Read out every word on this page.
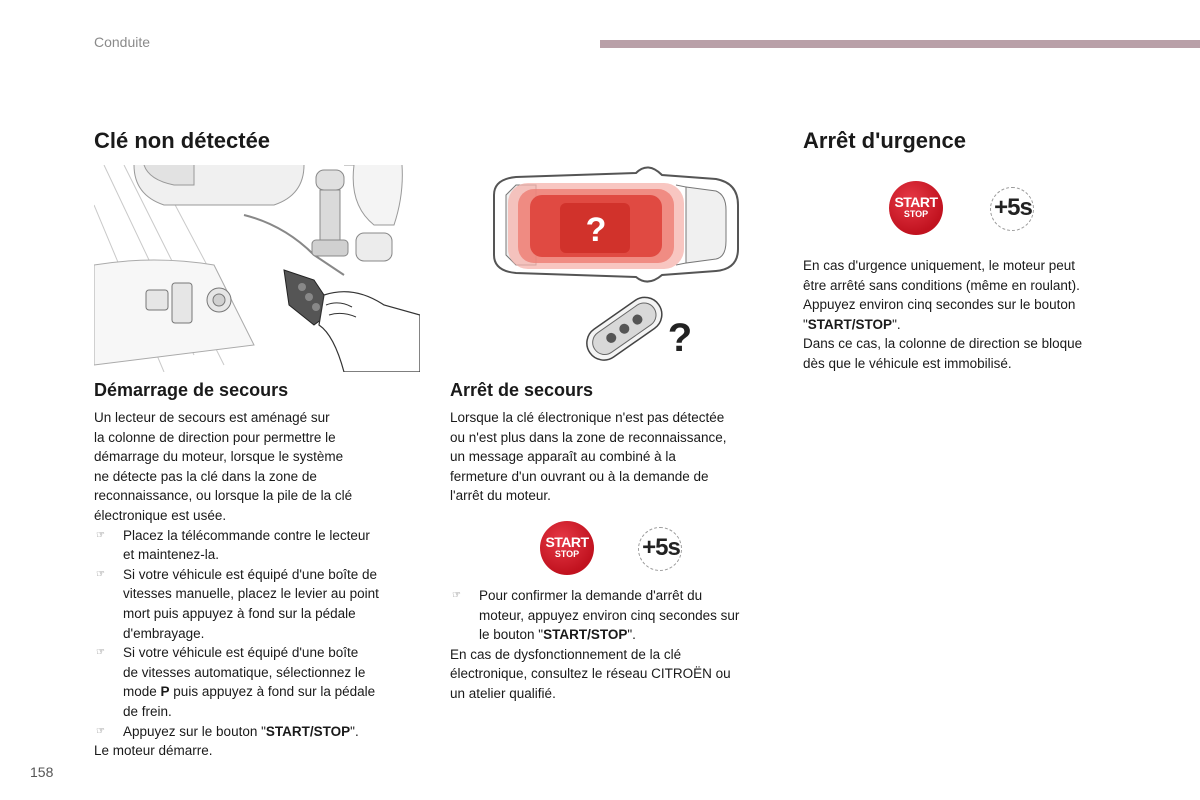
Conduite
Clé non détectée
Démarrage de secours

Un lecteur de secours est aménagé sur

la colonne de direction pour permettre le

démarrage du moteur, lorsque le système

ne détecte pas la clé dans la zone de

reconnaissance, ou lorsque la pile de la clé

électronique est usée.

☞ Placez la télécommande contre le lecteur

et maintenez-la.

☞ Si votre véhicule est équipé d'une boîte de

vitesses manuelle, placez le levier au point

mort puis appuyez à fond sur la pédale

d'embrayage.

☞ Si votre véhicule est équipé d'une boîte

de vitesses automatique, sélectionnez le

mode P puis appuyez à fond sur la pédale

de frein.

☞ Appuyez sur le bouton "START/STOP".

Le moteur démarre.

?
?
Arrêt de secours

Lorsque la clé électronique n'est pas détectée

ou n'est plus dans la zone de reconnaissance,

un message apparaît au combiné à la

fermeture d'un ouvrant ou à la demande de

l'arrêt du moteur.

START
STOP	+5s
☞ Pour confirmer la demande d'arrêt du

moteur, appuyez environ cinq secondes sur

le bouton "START/STOP".

En cas de dysfonctionnement de la clé

électronique, consultez le réseau CITROËN ou

un atelier qualifié.

Arrêt d'urgence
START
STOP	+5s

En cas d'urgence uniquement, le moteur peut

être arrêté sans conditions (même en roulant).

Appuyez environ cinq secondes sur le bouton

"START/STOP".

Dans ce cas, la colonne de direction se bloque

dès que le véhicule est immobilisé.

158
